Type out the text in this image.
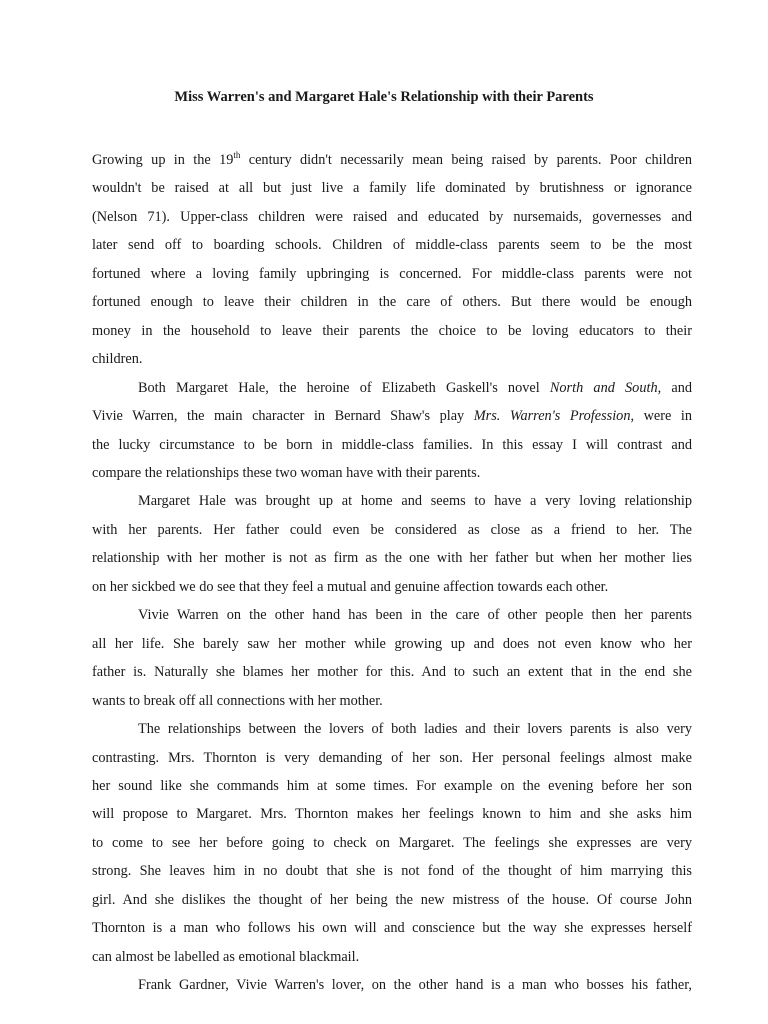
Miss Warren's and Margaret Hale's Relationship with their Parents

Growing up in the 19th century didn't necessarily mean being raised by parents. Poor children
wouldn't be raised at all but just live a family life dominated by brutishness or ignorance
(Nelson 71). Upper-class children were raised and educated by nursemaids, governesses and
later send off to boarding schools. Children of middle-class parents seem to be the most
fortuned where a loving family upbringing is concerned. For middle-class parents were not
fortuned enough to leave their children in the care of others. But there would be enough
money in the household to leave their parents the choice to be loving educators to their
children.

Both Margaret Hale, the heroine of Elizabeth Gaskell's novel North and South, and
Vivie Warren, the main character in Bernard Shaw's play Mrs. Warren's Profession, were in
the lucky circumstance to be born in middle-class families. In this essay I will contrast and
compare the relationships these two woman have with their parents.

Margaret Hale was brought up at home and seems to have a very loving relationship
with her parents. Her father could even be considered as close as a friend to her. The
relationship with her mother is not as firm as the one with her father but when her mother lies
on her sickbed we do see that they feel a mutual and genuine affection towards each other.

Vivie Warren on the other hand has been in the care of other people then her parents
all her life. She barely saw her mother while growing up and does not even know who her
father is. Naturally she blames her mother for this. And to such an extent that in the end she
wants to break off all connections with her mother.

The relationships between the lovers of both ladies and their lovers parents is also very
contrasting. Mrs. Thornton is very demanding of her son. Her personal feelings almost make
her sound like she commands him at some times. For example on the evening before her son
will propose to Margaret. Mrs. Thornton makes her feelings known to him and she asks him
to come to see her before going to check on Margaret. The feelings she expresses are very
strong. She leaves him in no doubt that she is not fond of the thought of him marrying this
girl. And she dislikes the thought of her being the new mistress of the house. Of course John
Thornton is a man who follows his own will and conscience but the way she expresses herself
can almost be labelled as emotional blackmail.

Frank Gardner, Vivie Warren's lover, on the other hand is a man who bosses his father,
